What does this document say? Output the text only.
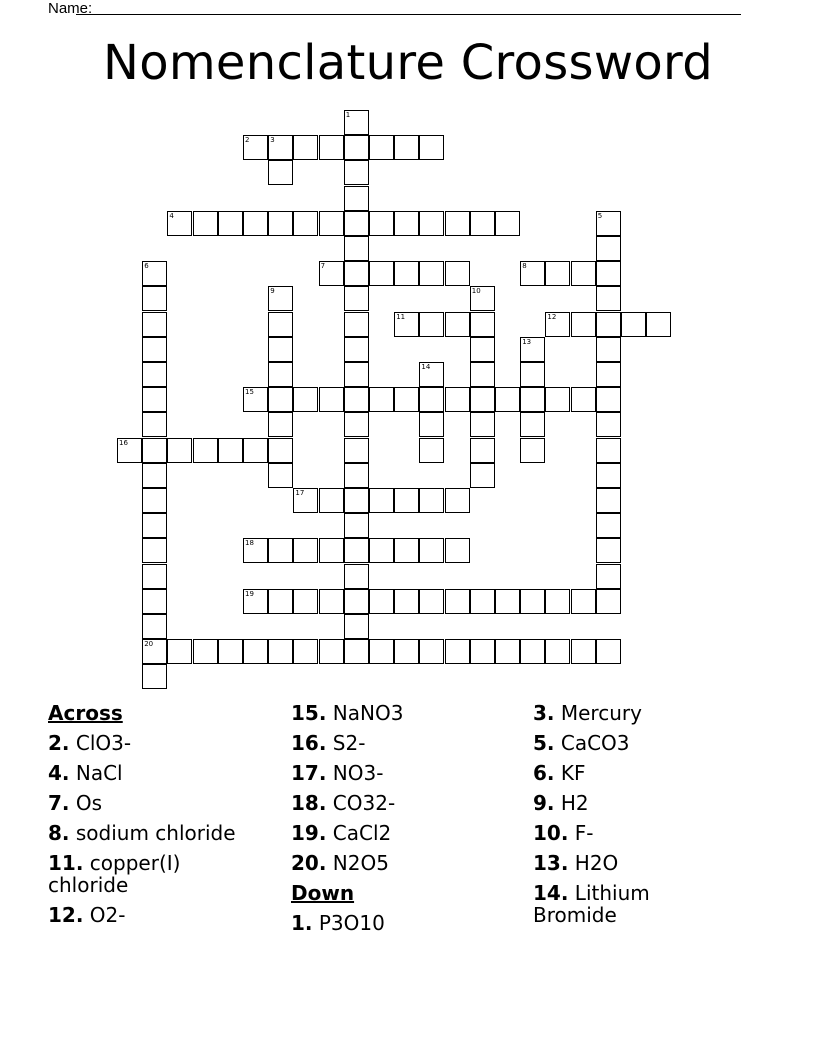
Name:
Nomenclature Crossword
2	3
4
7	8
11	12
15
16
17
18
19
20
1
5
6
9	10
13
14
Across
2. ClO3-
4. NaCl
7. Os
8. sodium chloride
11. copper(I) chloride
12. O2-
15. NaNO3
16. S2-
17. NO3-
18. CO32-
19. CaCl2
20. N2O5
Down
1. P3O10
3. Mercury
5. CaCO3
6. KF
9. H2
10. F-
13. H2O
14. Lithium Bromide
